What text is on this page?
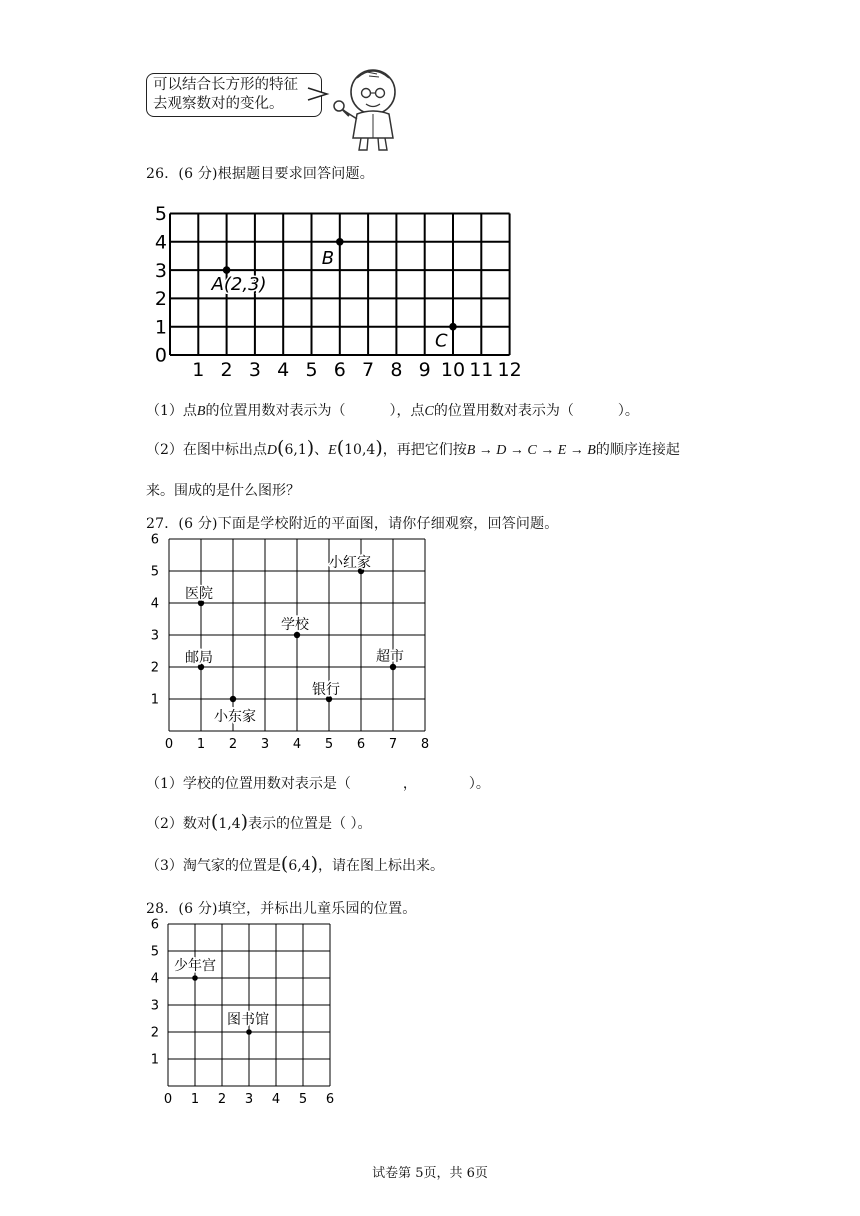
可以结合长方形的特征
去观察数对的变化。
26．(6 分)根据题目要求回答问题。
1 2 3 4 5 6 7 8 9 10 11 12
0
1
2
3
4
5
A(2,3)
B
C
（1）点B的位置用数对表示为（	），点C的位置用数对表示为（	）。
（2）在图中标出点D(6,1)、E(10,4)，再把它们按B → D → C → E → B的顺序连接起
来。围成的是什么图形？
27．(6 分)下面是学校附近的平面图，请你仔细观察，回答问题。
0 1 2 3 4 5 6 7 8
1
2
3
4
5
6
小红家
医院
学校
邮局	超市
银行
小东家
（1）学校的位置用数对表示是（	，	）。
（2）数对(1,4)表示的位置是（ ）。
（3）淘气家的位置是(6,4)，请在图上标出来。
28．(6 分)填空，并标出儿童乐园的位置。
0 1 2 3 4 5 6
1
2
3
4
5
6
少年宫
图书馆
试卷第 5页，共 6页
